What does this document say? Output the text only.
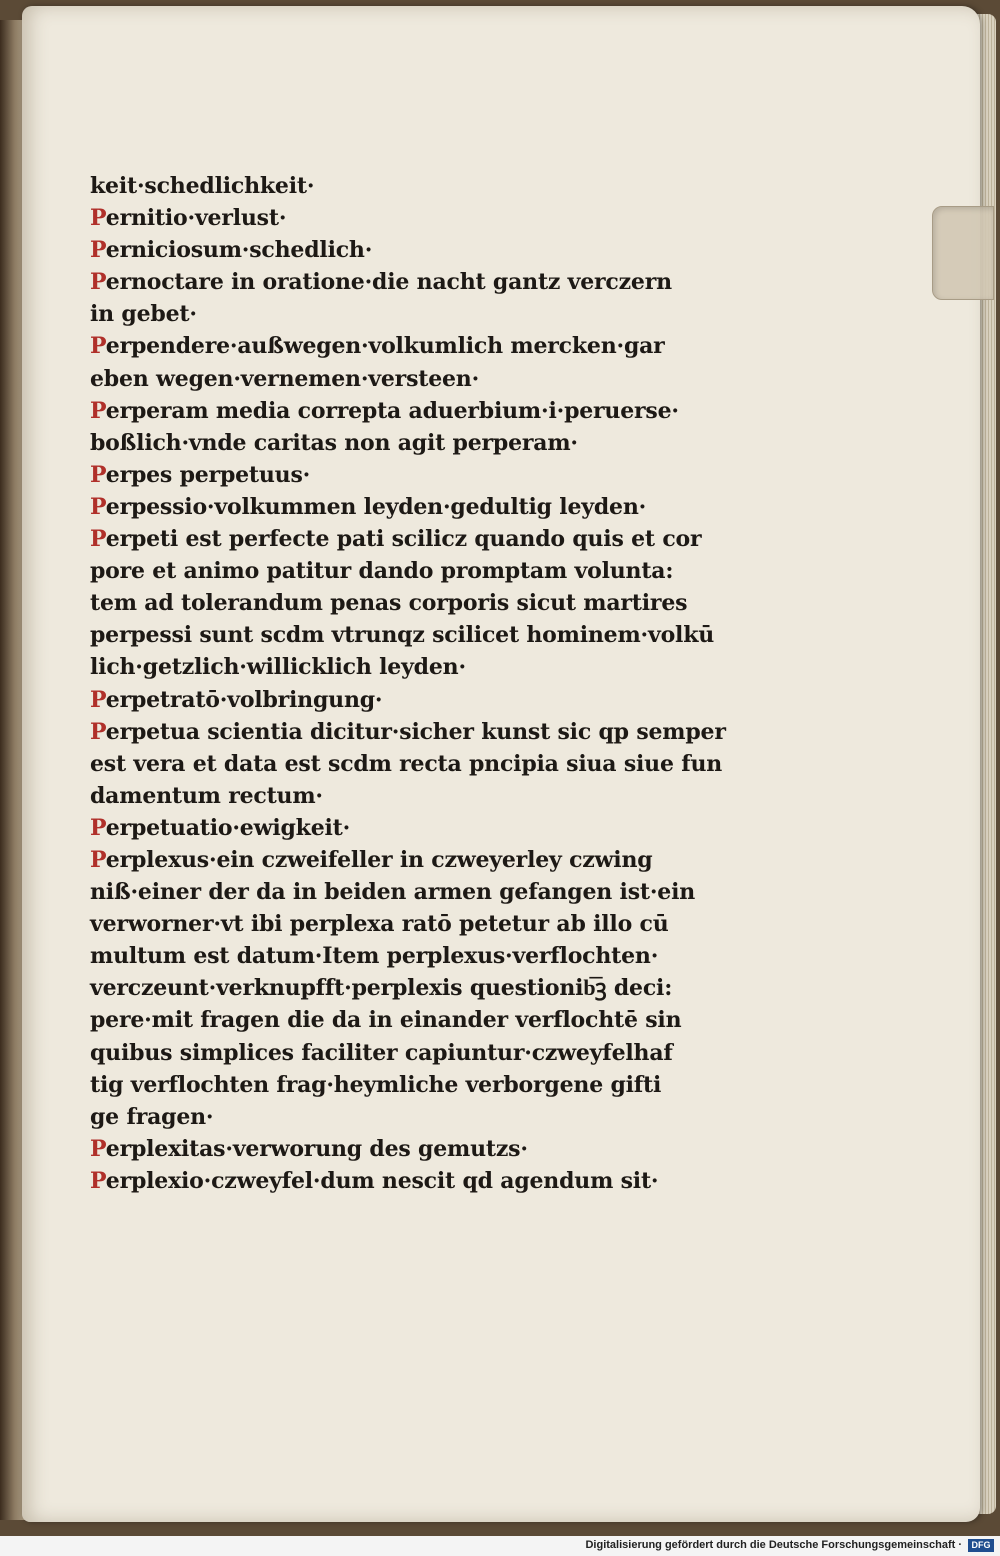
keit·schedlichkeit·
Pernitio·verlust·
Perniciosum·schedlich·
Pernoctare in oratione·die nacht gantz verczern
in gebet·
Perpendere·außwegen·volkumlich mercken·gar
eben wegen·vernemen·versteen·
Perperam media correpta aduerbium·i·peruerse·
boßlich·vnde caritas non agit perperam·
Perpes perpetuus·
Perpessio·volkummen leyden·gedultig leyden·
Perpeti est perfecte pati scilicz quando quis et cor
pore et animo patitur dando promptam volunta:
tem ad tolerandum penas corporis sicut martires
perpessi sunt scdm vtrunqz scilicet hominem·volkū
lich·getzlich·willicklich leyden·
Perpetratō·volbringung·
Perpetua scientia dicitur·sicher kunst sic qp semper
est vera et data est scdm recta pncipia siua siue fun
damentum rectum·
Perpetuatio·ewigkeit·
Perplexus·ein czweifeller in czweyerley czwing
niß·einer der da in beiden armen gefangen ist·ein
verworner·vt ibi perplexa ratō petetur ab illo cū
multum est datum·Item perplexus·verflochten·
verczeunt·verknupfft·perplexis questionib͞ꝫ deci:
pere·mit fragen die da in einander verflochtē sin
quibus simplices faciliter capiuntur·czweyfelhaf
tig verflochten frag·heymliche verborgene gifti
ge fragen·
Perplexitas·verworung des gemutzs·
Perplexio·czweyfel·dum nescit qd agendum sit·
Digitalisierung gefördert durch die Deutsche Forschungsgemeinschaft ·	DFG
